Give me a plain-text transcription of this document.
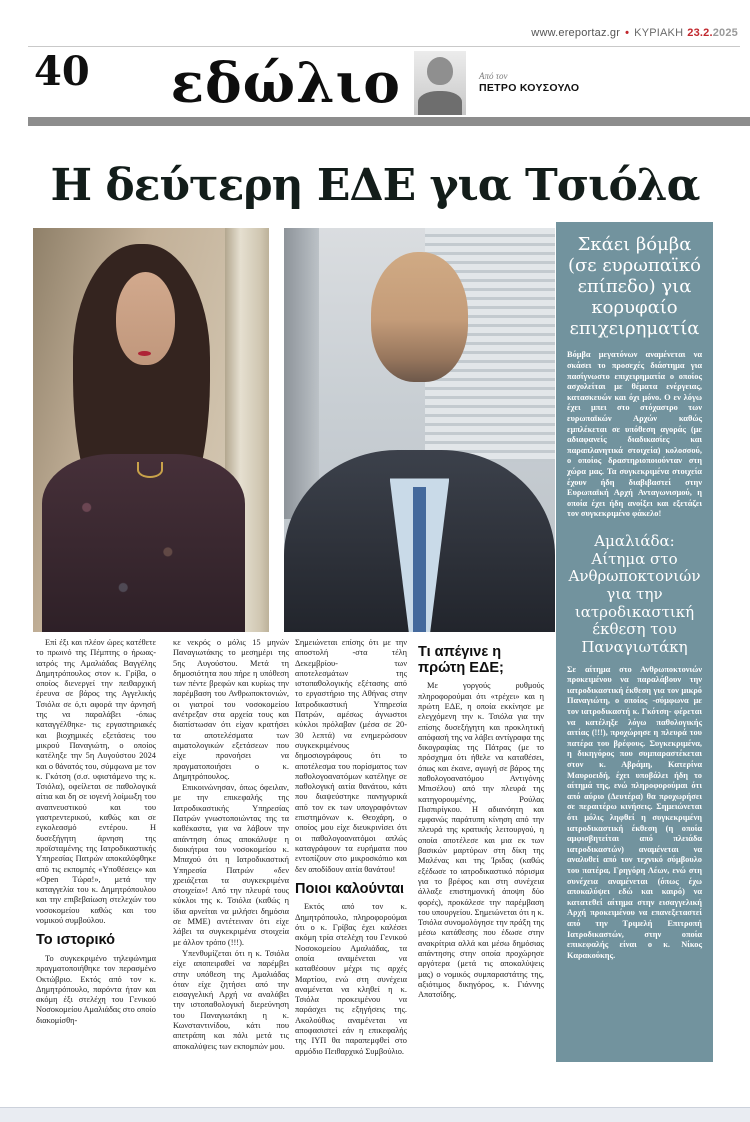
www.ereportaz.gr • ΚΥΡΙΑΚΗ 23.2.2025
40 εδώλιο	Από τον
ΠΕΤΡΟ ΚΟΥΣΟΥΛΟ
Η δεύτερη ΕΔΕ για Τσιόλα

Επί έξι και πλέον ώρες κατέθετε το πρωινό της Πέμπτης ο ήρωας-ιατρός της Αμαλιάδας Βαγγέλης Δημητρόπουλος στον κ. Γρίβα, ο οποίος διενεργεί την πειθαρχική έρευνα σε βάρος της Αγγελικής Τσιόλα σε ό,τι αφορά την άρνησή της να παραλάβει -όπως καταγγέλθηκε- τις εργαστηριακές και βιοχημικές εξετάσεις του μικρού Παναγιώτη, ο οποίος κατέληξε την 5η Αυγούστου 2024 και ο θάνατός του, σύμφωνα με τον κ. Γκότση (σ.σ. υφιστάμενο της κ. Τσιόλα), οφείλεται σε παθολογικά αίτια και δη σε ιογενή λοίμωξη του αναπνευστικού και του γαστρεντερικού, καθώς και σε εγκολεασμό εντέρου. Η δυσεξήγητη άρνηση της προϊσταμένης της Ιατροδικαστικής Υπηρεσίας Πατρών αποκαλύφθηκε από τις εκπομπές «Υποθέσεις» και «Open Τώρα!», μετά την καταγγελία του κ. Δημητρόπουλου και την επιβεβαίωση στελεχών του νοσοκομείου καθώς και του νομικού συμβούλου.

Το ιστορικό

Το συγκεκριμένο τηλεφώνημα πραγματοποιήθηκε τον περασμένο Οκτώβριο. Εκτός από τον κ. Δημητρόπουλο, παρόντα ήταν και ακόμη έξι στελέχη του Γενικού Νοσοκομείου Αμαλιάδας στο οποίο διακομίσθη-

κε νεκρός ο μόλις 15 μηνών Παναγιωτάκης το μεσημέρι της 5ης Αυγούστου. Μετά τη δημοσιότητα που πήρε η υπόθεση των πέντε βρεφών και κυρίως την παρέμβαση του Ανθρωποκτονιών, οι γιατροί του νοσοκομείου ανέτρεξαν στα αρχεία τους και διαπίστωσαν ότι είχαν κρατήσει τα αποτελέσματα των αιματολογικών εξετάσεων που είχε προνοήσει να πραγματοποιήσει ο κ. Δημητρόπουλος.

Επικοινώνησαν, όπως όφειλαν, με την επικεφαλής της Ιατροδικαστικής Υπηρεσίας Πατρών γνωστοποιώντας της τα καθέκαστα, για να λάβουν την απάντηση όπως αποκάλυψε η διοικήτρια του νοσοκομείου κ. Μπαχού ότι η Ιατροδικαστική Υπηρεσία Πατρών «δεν χρειάζεται τα συγκεκριμένα στοιχεία»! Από την πλευρά τους κύκλοι της κ. Τσιόλα (καθώς η ίδια αρνείται να μιλήσει δημόσια σε ΜΜΕ) αντέτειναν ότι είχε λάβει τα συγκεκριμένα στοιχεία με άλλον τρόπο (!!!).

Υπενθυμίζεται ότι η κ. Τσιόλα είχε αποπειραθεί να παρέμβει στην υπόθεση της Αμαλιάδας όταν είχε ζητήσει από την εισαγγελική Αρχή να αναλάβει την ιστοπαθολογική διερεύνηση του Παναγιωτάκη η κ. Κωνσταντινίδου, κάτι που απετράπη και πάλι μετά τις αποκαλύψεις των εκπομπών μου.

Σημειώνεται επίσης ότι με την αποστολή -στα τέλη Δεκεμβρίου- των αποτελεσμάτων της ιστοπαθολογικής εξέτασης από το εργαστήριο της Αθήνας στην Ιατροδικαστική Υπηρεσία Πατρών, αμέσως άγνωστοι κύκλοι πρόλαβαν (μέσα σε 20-30 λεπτά) να ενημερώσουν συγκεκριμένους δημοσιογράφους ότι το αποτέλεσμα του πορίσματος των παθολογοανατόμων κατέληγε σε παθολογική αιτία θανάτου, κάτι που διαψεύστηκε πανηγυρικά από τον εκ των υπογραφόντων επιστημόνων κ. Θεοχάρη, ο οποίος μου είχε διευκρινίσει ότι οι παθολογοανατόμοι απλώς καταγράφουν τα ευρήματα που εντοπίζουν στο μικροσκόπιο και δεν αποδίδουν αιτία θανάτου!

Ποιοι καλούνται

Εκτός από τον κ. Δημητρόπουλο, πληροφορούμαι ότι ο κ. Γρίβας έχει καλέσει ακόμη τρία στελέχη του Γενικού Νοσοκομείου Αμαλιάδας, τα οποία αναμένεται να καταθέσουν μέχρι τις αρχές Μαρτίου, ενώ στη συνέχεια αναμένεται να κληθεί η κ. Τσιόλα προκειμένου να παράσχει τις εξηγήσεις της. Ακολούθως αναμένεται να αποφασιστεί εάν η επικεφαλής της ΙΥΠ θα παραπεμφθεί στο αρμόδιο Πειθαρχικό Συμβούλιο.

Τι απέγινε η πρώτη ΕΔΕ;

Με γοργούς ρυθμούς πληροφορούμαι ότι «τρέχει» και η πρώτη ΕΔΕ, η οποία εκκίνησε με ελεγχόμενη την κ. Τσιόλα για την επίσης δυσεξήγητη και προκλητική απόφασή της να λάβει αντίγραφα της δικογραφίας της Πάτρας (με το πρόσχημα ότι ήθελε να καταθέσει, όπως και έκανε, αγωγή σε βάρος της παθολογοανατόμου Αντιγόνης Μπισέλου) από την πλευρά της κατηγορουμένης, Ρούλας Πισπιρίγκου. Η αδιανόητη και εμφανώς παράτυπη κίνηση από την πλευρά της κρατικής λειτουργού, η οποία αποτέλεσε και μια εκ των βασικών μαρτύρων στη δίκη της Μαλένας και της Ίριδας (καθώς εξέδωσε το ιατροδικαστικό πόρισμα για το βρέφος και στη συνέχεια άλλαξε επιστημονική άποψη δύο φορές), προκάλεσε την παρέμβαση του υπουργείου. Σημειώνεται ότι η κ. Τσιόλα συνομολόγησε την πράξη της μέσω κατάθεσης που έδωσε στην ανακρίτρια αλλά και μέσω δημόσιας απάντησης στην οποία προχώρησε αργότερα (μετά τις αποκαλύψεις μας) ο νομικός συμπαραστάτης της, αξιότιμος δικηγόρος, κ. Γιάννης Απατσίδης.

Σκάει βόμβα (σε ευρωπαϊκό επίπεδο) για κορυφαίο επιχειρηματία

Βόμβα μεγατόνων αναμένεται να σκάσει το προσεχές διάστημα για πασίγνωστο επιχειρηματία ο οποίος ασχολείται με θέματα ενέργειας, κατασκευών και όχι μόνο. Ο εν λόγω έχει μπει στο στόχαστρο των ευρωπαϊκών Αρχών καθώς εμπλέκεται σε υπόθεση αγοράς (με αδιαφανείς διαδικασίες και παραπλανητικά στοιχεία) κολοσσού, ο οποίος δραστηριοποιούνταν στη χώρα μας. Τα συγκεκριμένα στοιχεία έχουν ήδη διαβιβαστεί στην Ευρωπαϊκή Αρχή Ανταγωνισμού, η οποία έχει ήδη ανοίξει και εξετάζει τον συγκεκριμένο φάκελο!

Αμαλιάδα: Αίτημα στο Ανθρωποκτονιών για την ιατροδικαστική έκθεση του Παναγιωτάκη

Σε αίτημα στο Ανθρωποκτονιών προκειμένου να παραλάβουν την ιατροδικαστική έκθεση για τον μικρό Παναγιώτη, ο οποίος -σύμφωνα με τον ιατροδικαστή κ. Γκότση- φέρεται να κατέληξε λόγω παθολογικής αιτίας (!!!), προχώρησε η πλευρά του πατέρα του βρέφους. Συγκεκριμένα, η δικηγόρος που συμπαραστέκεται στον κ. Αβράμη, Κατερίνα Μαυροειδή, έχει υποβάλει ήδη το αίτημά της, ενώ πληροφορούμαι ότι από αύριο (Δευτέρα) θα προχωρήσει σε περαιτέρω κινήσεις. Σημειώνεται ότι μόλις ληφθεί η συγκεκριμένη ιατροδικαστική έκθεση (η οποία αμφισβητείται από πλειάδα ιατροδικαστών) αναμένεται να αναλυθεί από τον τεχνικό σύμβουλο του πατέρα, Γρηγόρη Λέων, ενώ στη συνέχεια αναμένεται (όπως έχω αποκαλύψει εδώ και καιρό) να κατατεθεί αίτημα στην εισαγγελική Αρχή προκειμένου να επανεξεταστεί από την Τριμελή Επιτροπή Ιατροδικαστών, στην οποία επικεφαλής είναι ο κ. Νίκος Καρακούκης.
